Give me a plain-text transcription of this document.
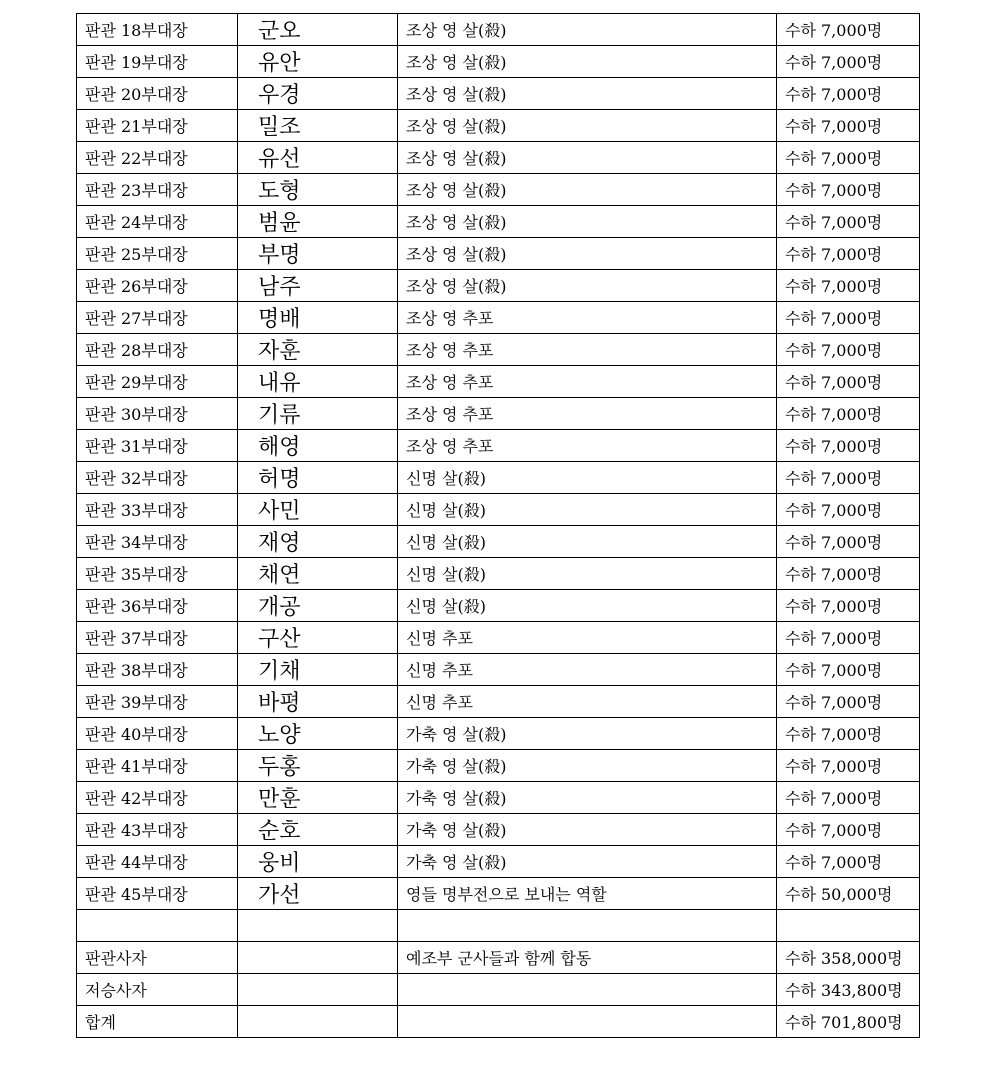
판관 18부대장	군오	조상 영 살(殺)	수하 7,000명
판관 19부대장	유안	조상 영 살(殺)	수하 7,000명
판관 20부대장	우경	조상 영 살(殺)	수하 7,000명
판관 21부대장	밀조	조상 영 살(殺)	수하 7,000명
판관 22부대장	유선	조상 영 살(殺)	수하 7,000명
판관 23부대장	도형	조상 영 살(殺)	수하 7,000명
판관 24부대장	범윤	조상 영 살(殺)	수하 7,000명
판관 25부대장	부명	조상 영 살(殺)	수하 7,000명
판관 26부대장	남주	조상 영 살(殺)	수하 7,000명
판관 27부대장	명배	조상 영 추포	수하 7,000명
판관 28부대장	자훈	조상 영 추포	수하 7,000명
판관 29부대장	내유	조상 영 추포	수하 7,000명
판관 30부대장	기류	조상 영 추포	수하 7,000명
판관 31부대장	해영	조상 영 추포	수하 7,000명
판관 32부대장	허명	신명 살(殺)	수하 7,000명
판관 33부대장	사민	신명 살(殺)	수하 7,000명
판관 34부대장	재영	신명 살(殺)	수하 7,000명
판관 35부대장	채연	신명 살(殺)	수하 7,000명
판관 36부대장	개공	신명 살(殺)	수하 7,000명
판관 37부대장	구산	신명 추포	수하 7,000명
판관 38부대장	기채	신명 추포	수하 7,000명
판관 39부대장	바평	신명 추포	수하 7,000명
판관 40부대장	노양	가축 영 살(殺)	수하 7,000명
판관 41부대장	두홍	가축 영 살(殺)	수하 7,000명
판관 42부대장	만훈	가축 영 살(殺)	수하 7,000명
판관 43부대장	순호	가축 영 살(殺)	수하 7,000명
판관 44부대장	웅비	가축 영 살(殺)	수하 7,000명
판관 45부대장	가선	영들 명부전으로 보내는 역할	수하 50,000명

판관사자		예조부 군사들과 함께 합동	수하 358,000명
저승사자			수하 343,800명
합계			수하 701,800명
